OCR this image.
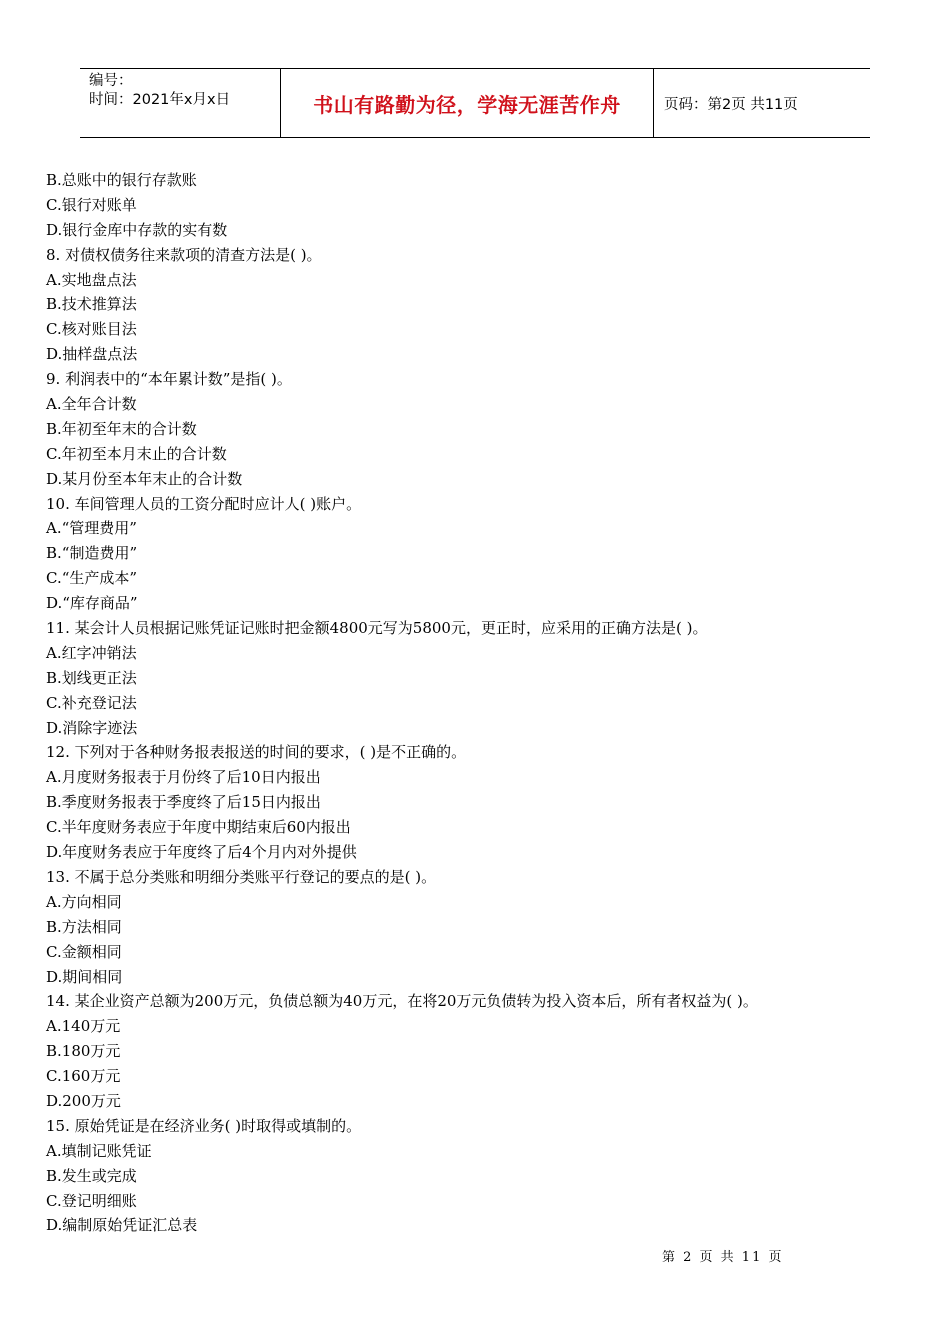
编号：
时间：2021年x月x日	书山有路勤为径，学海无涯苦作舟	页码：第2页 共11页
B.总账中的银行存款账
C.银行对账单
D.银行金库中存款的实有数
8. 对债权债务往来款项的清查方法是( )。
A.实地盘点法
B.技术推算法
C.核对账目法
D.抽样盘点法
9. 利润表中的“本年累计数”是指( )。
A.全年合计数
B.年初至年末的合计数
C.年初至本月末止的合计数
D.某月份至本年末止的合计数
10. 车间管理人员的工资分配时应计人( )账户。
A.“管理费用”
B.“制造费用”
C.“生产成本”
D.“库存商品”
11. 某会计人员根据记账凭证记账时把金额4800元写为5800元，更正时，应采用的正确方法是( )。
A.红字冲销法
B.划线更正法
C.补充登记法
D.消除字迹法
12. 下列对于各种财务报表报送的时间的要求，( )是不正确的。
A.月度财务报表于月份终了后10日内报出
B.季度财务报表于季度终了后15日内报出
C.半年度财务表应于年度中期结束后60内报出
D.年度财务表应于年度终了后4个月内对外提供
13. 不属于总分类账和明细分类账平行登记的要点的是( )。
A.方向相同
B.方法相同
C.金额相同
D.期间相同
14. 某企业资产总额为200万元，负债总额为40万元，在将20万元负债转为投入资本后，所有者权益为( )。
A.140万元
B.180万元
C.160万元
D.200万元
15. 原始凭证是在经济业务( )时取得或填制的。
A.填制记账凭证
B.发生或完成
C.登记明细账
D.编制原始凭证汇总表
第 2 页 共 11 页
